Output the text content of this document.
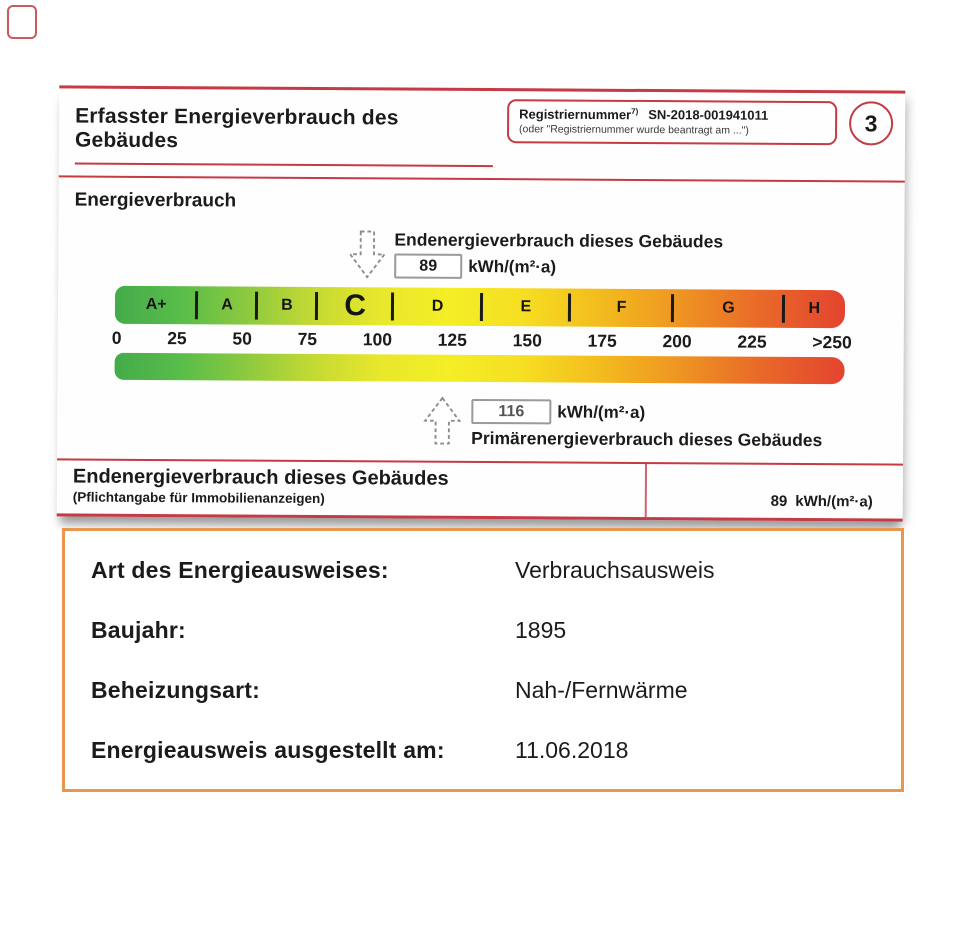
Erfasster Energieverbrauch des Gebäudes
Registriernummer$^{7)}$ SN-2018-001941011
(oder "Registriernummer wurde beantragt am ...")	3
Energieverbrauch
Endenergieverbrauch dieses Gebäudes
89	kWh/(m²·a)
A+	A	B	C	D	E	F	G	H
0	25	50	75	100	125	150	175	200	225	>250
116	kWh/(m²·a)
Primärenergieverbrauch dieses Gebäudes
Endenergieverbrauch dieses Gebäudes
(Pflichtangabe für Immobilienanzeigen)	89 kWh/(m²·a)
Art des Energieausweises:	Verbrauchsausweis
Baujahr:	1895
Beheizungsart:	Nah-/Fernwärme
Energieausweis ausgestellt am:	11.06.2018
